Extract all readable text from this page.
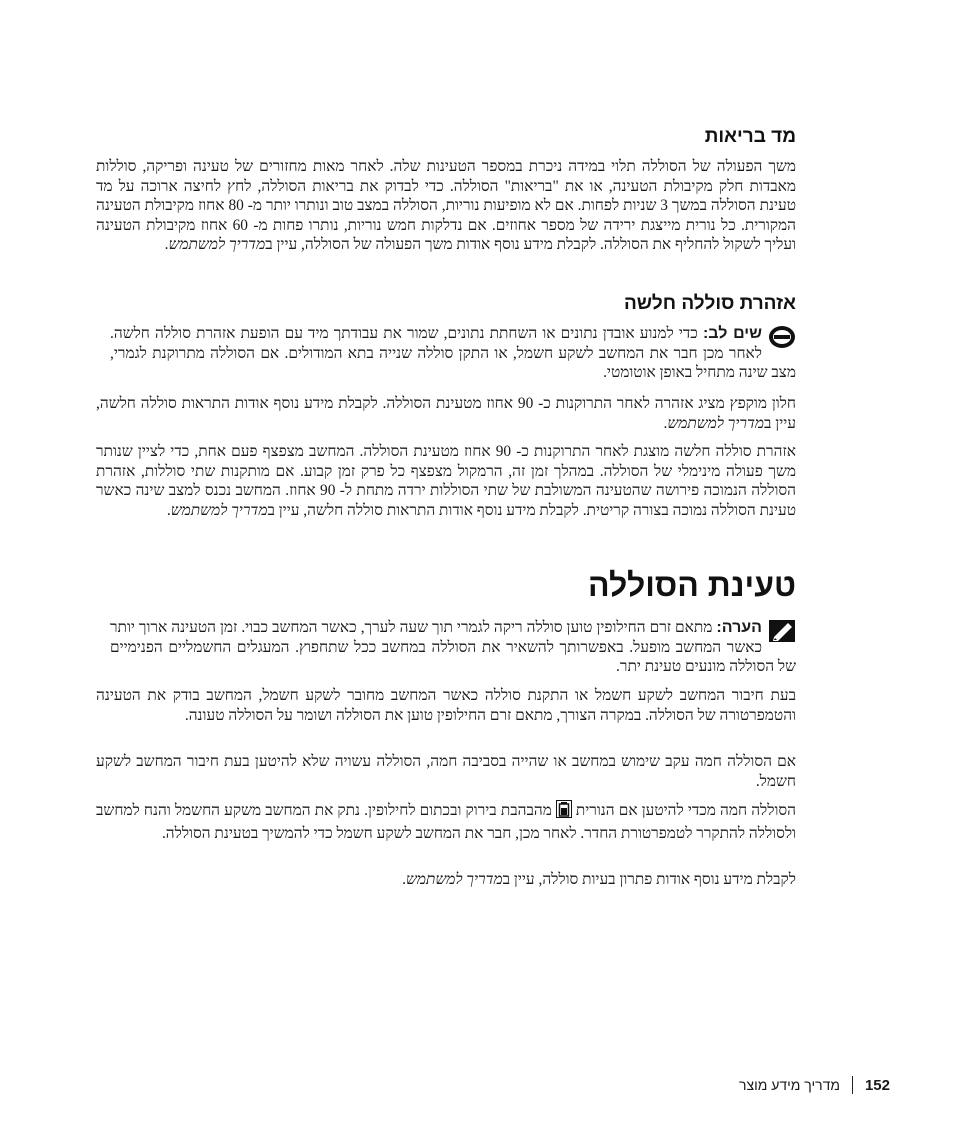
מד בריאות

משך הפעולה של הסוללה תלוי במידה ניכרת במספר הטעינות שלה. לאחר מאות מחזורים של טעינה ופריקה, סוללות מאבדות חלק מקיבולת הטעינה, או את "בריאות" הסוללה. כדי לבדוק את בריאות הסוללה, לחץ לחיצה ארוכה על מד טעינת הסוללה במשך 3 שניות לפחות. אם לא מופיעות נוריות, הסוללה במצב טוב ונותרו יותר מ- 80 אחוז מקיבולת הטעינה המקורית. כל נורית מייצגת ירידה של מספר אחוזים. אם נדלקות חמש נוריות, נותרו פחות מ- 60 אחוז מקיבולת הטעינה ועליך לשקול להחליף את הסוללה. לקבלת מידע נוסף אודות משך הפעולה של הסוללה, עיין במדריך למשתמש.

אזהרת סוללה חלשה

שים לב: כדי למנוע אובדן נתונים או השחתת נתונים, שמור את עבודתך מיד עם הופעת אזהרת סוללה חלשה. לאחר מכן חבר את המחשב לשקע חשמל, או התקן סוללה שנייה בתא המודולים. אם הסוללה מתרוקנת לגמרי, מצב שינה מתחיל באופן אוטומטי.

חלון מוקפץ מציג אזהרה לאחר התרוקנות כ- 90 אחוז מטעינת הסוללה. לקבלת מידע נוסף אודות התראות סוללה חלשה, עיין במדריך למשתמש.

אזהרת סוללה חלשה מוצגת לאחר התרוקנות כ- 90 אחוז מטעינת הסוללה. המחשב מצפצף פעם אחת, כדי לציין שנותר משך פעולה מינימלי של הסוללה. במהלך זמן זה, הרמקול מצפצף כל פרק זמן קבוע. אם מותקנות שתי סוללות, אזהרת הסוללה הנמוכה פירושה שהטעינה המשולבת של שתי הסוללות ירדה מתחת ל- 90 אחוז. המחשב נכנס למצב שינה כאשר טעינת הסוללה נמוכה בצורה קריטית. לקבלת מידע נוסף אודות התראות סוללה חלשה, עיין במדריך למשתמש.

טעינת הסוללה

הערה: מתאם זרם החילופין טוען סוללה ריקה לגמרי תוך שעה לערך, כאשר המחשב כבוי. זמן הטעינה ארוך יותר כאשר המחשב מופעל. באפשרותך להשאיר את הסוללה במחשב ככל שתחפוץ. המעגלים החשמליים הפנימיים של הסוללה מונעים טעינת יתר.

בעת חיבור המחשב לשקע חשמל או התקנת סוללה כאשר המחשב מחובר לשקע חשמל, המחשב בודק את הטעינה והטמפרטורה של הסוללה. במקרה הצורך, מתאם זרם החילופין טוען את הסוללה ושומר על הסוללה טעונה.

אם הסוללה חמה עקב שימוש במחשב או שהייה בסביבה חמה, הסוללה עשויה שלא להיטען בעת חיבור המחשב לשקע חשמל.

הסוללה חמה מכדי להיטען אם הנוריתמהבהבת בירוק ובכתום לחילופין. נתק את המחשב משקע החשמל והנח למחשב ולסוללה להתקרר לטמפרטורת החדר. לאחר מכן, חבר את המחשב לשקע חשמל כדי להמשיך בטעינת הסוללה.

לקבלת מידע נוסף אודות פתרון בעיות סוללה, עיין במדריך למשתמש.

152מדריך מידע מוצר
